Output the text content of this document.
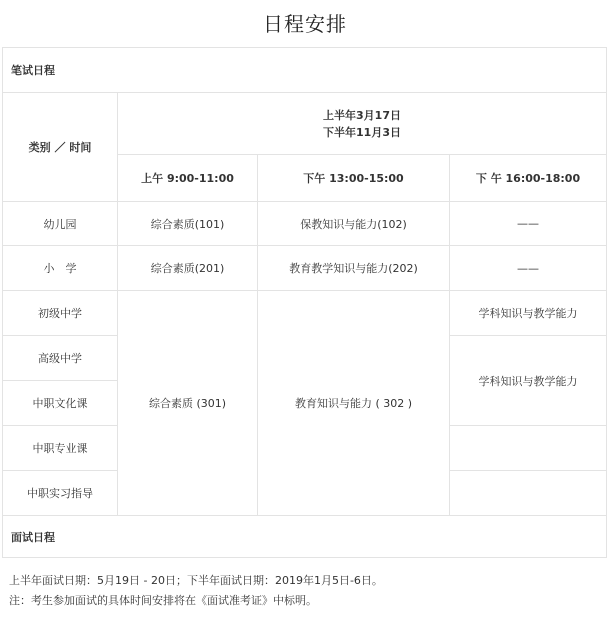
日程安排
笔试日程			
类别 ／ 时间	上半年3月17日
下半年11月3日		

	上午 9:00-11:00	下午 13:00-15:00	下 午 16:00-18:00
幼儿园	综合素质(101)	保教知识与能力(102)	——
小　学	综合素质(201)	教育教学知识与能力(202)	——
初级中学	综合素质 (301)	教育知识与能力 ( 302 )	学科知识与教学能力
高级中学			学科知识与教学能力
中职文化课			
中职专业课			
中职实习指导			
面试日程			
上半年面试日期：5月19日 - 20日；下半年面试日期：2019年1月5日-6日。
注：考生参加面试的具体时间安排将在《面试准考证》中标明。
